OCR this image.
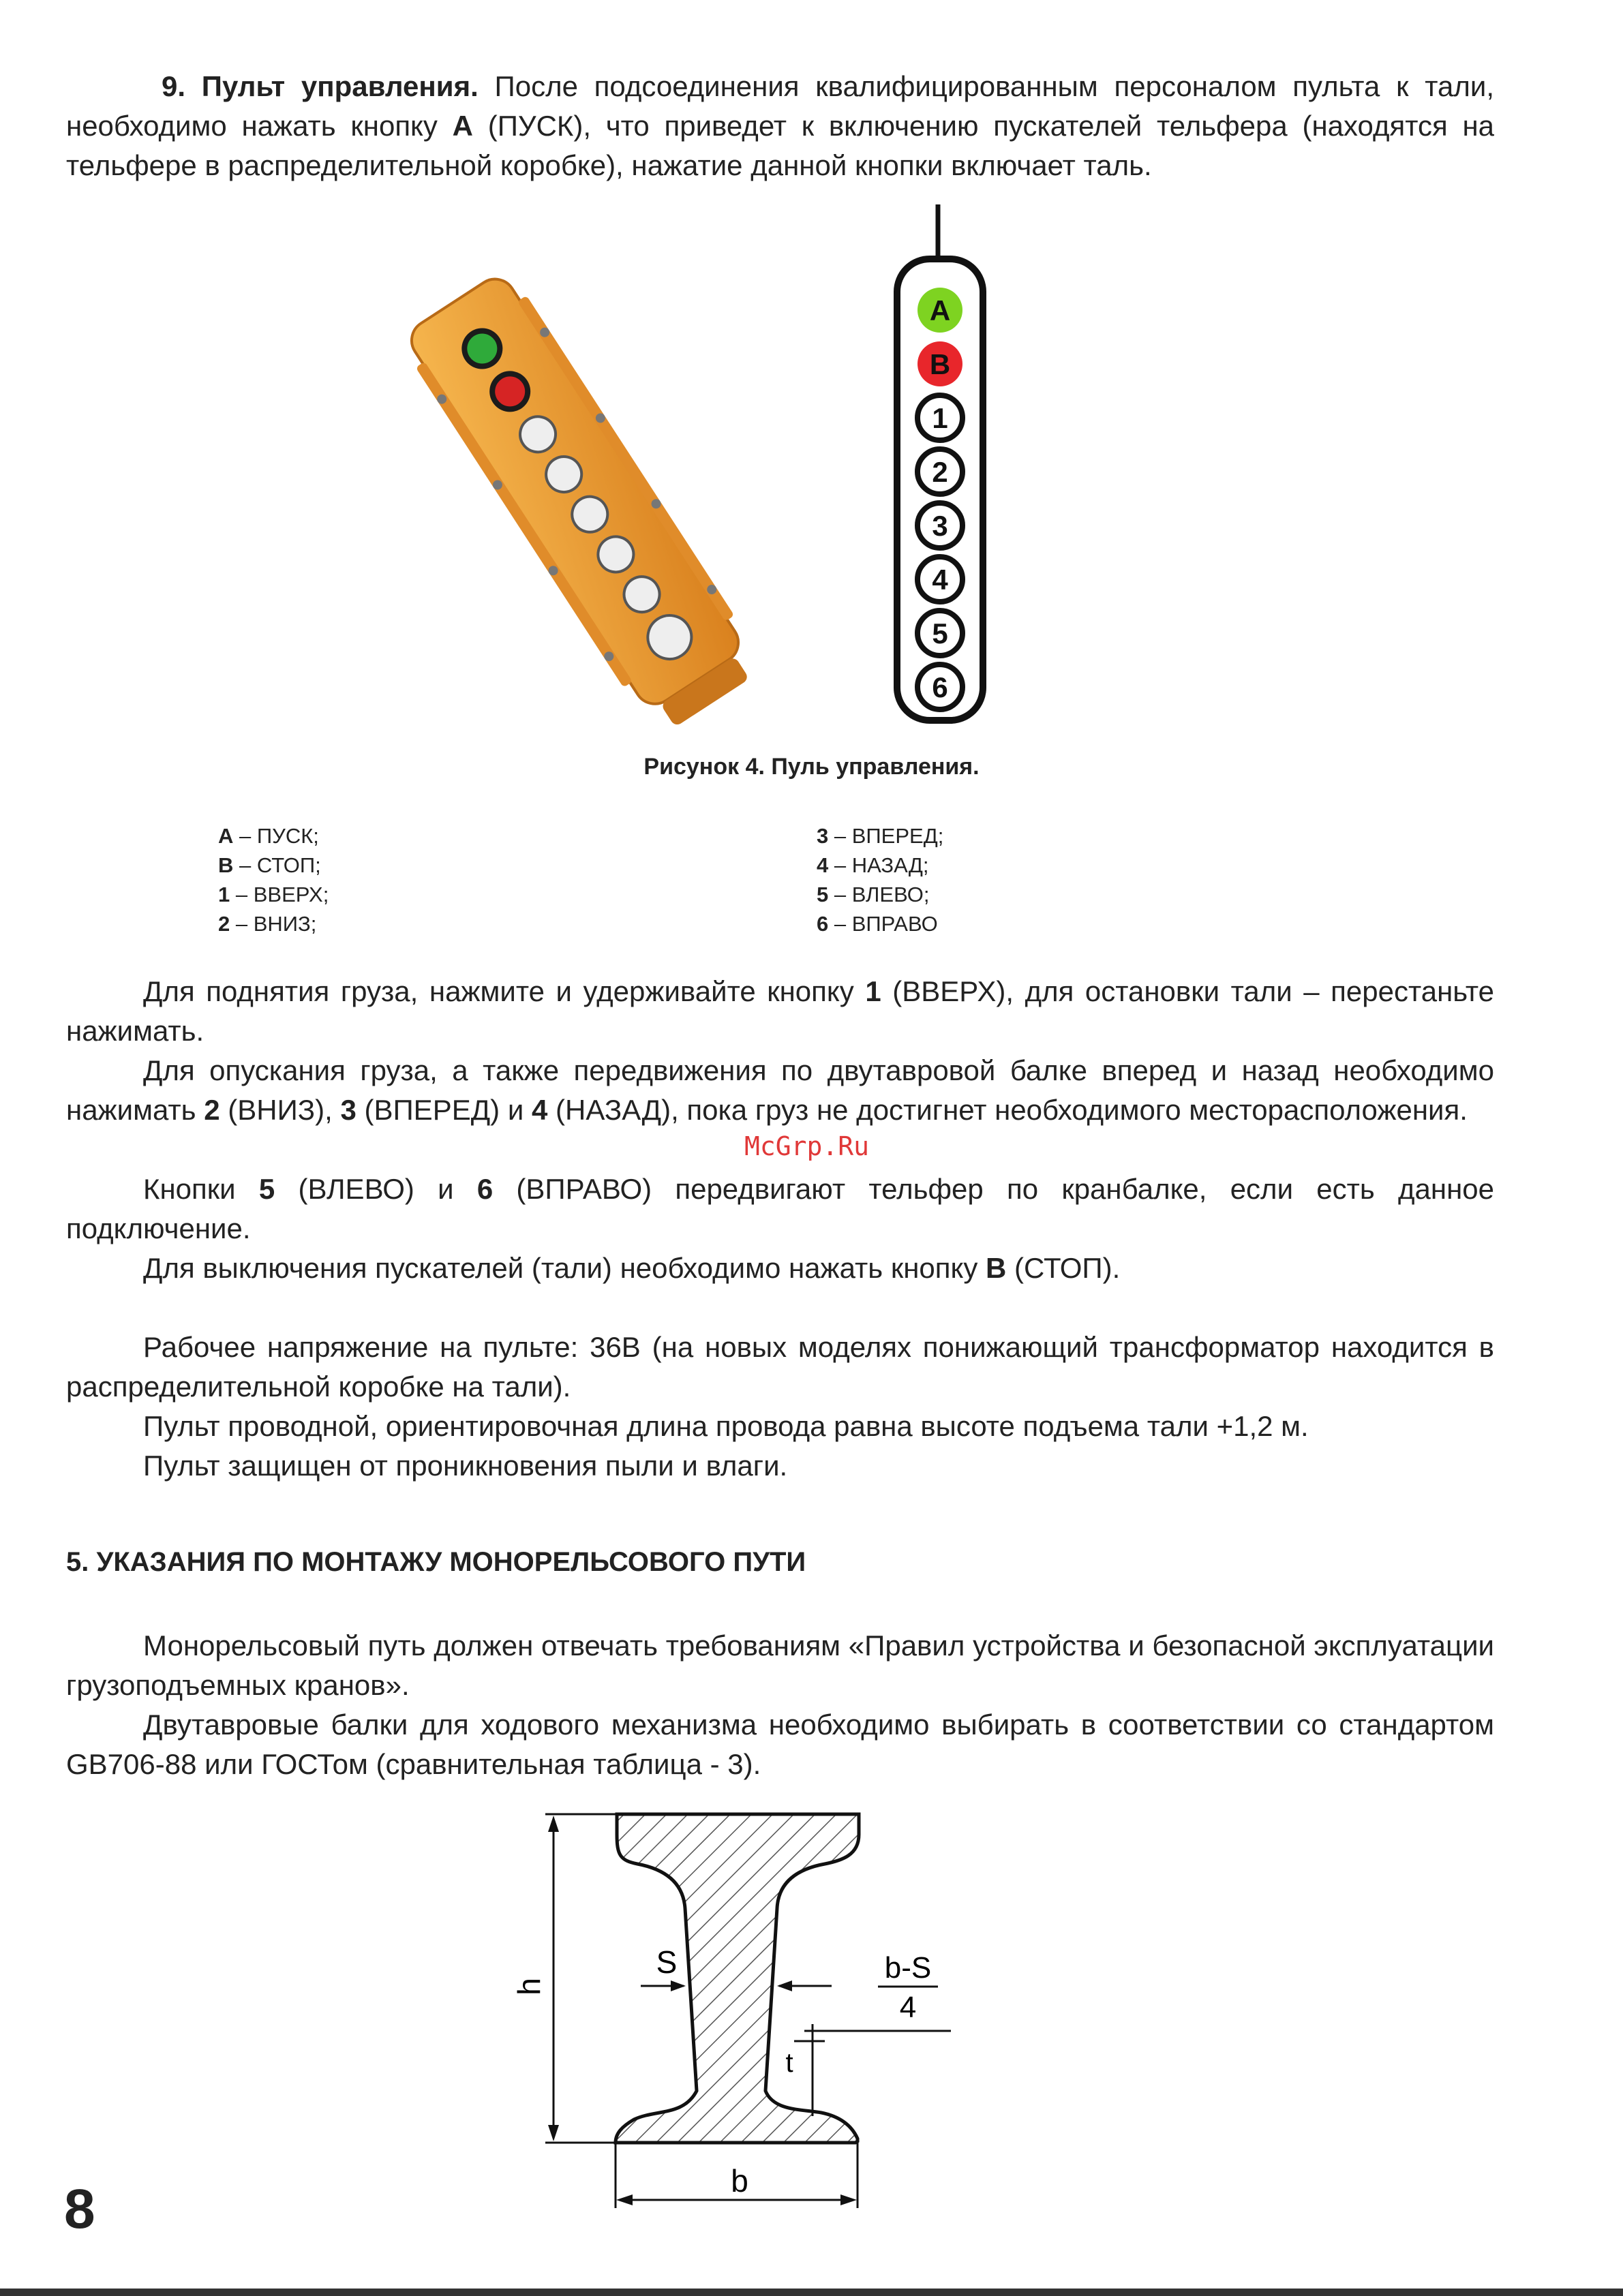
9. Пульт управления. После подсоединения квалифицированным персоналом пульта к тали, необходимо нажать кнопку А (ПУСК), что приведет к включению пускателей тельфера (находятся на тельфере в распределительной коробке), нажатие данной кнопки включает таль.

A
B
1
2
3
4
5
6
Рисунок 4. Пуль управления.
А – ПУСК;
В – СТОП;
1 – ВВЕРХ;
2 – ВНИЗ;
3 – ВПЕРЕД;
4 – НАЗАД;
5 – ВЛЕВО;
6 – ВПРАВО

Для поднятия груза, нажмите и удерживайте кнопку 1 (ВВЕРХ), для остановки тали – перестаньте нажимать.

Для опускания груза, а также передвижения по двутавровой балке вперед и назад необходимо нажимать 2 (ВНИЗ), 3 (ВПЕРЕД) и 4 (НАЗАД), пока груз не достигнет необходимого месторасположения.

Кнопки 5 (ВЛЕВО) и 6 (ВПРАВО) передвигают тельфер по кранбалке, если есть данное подключение.

Для выключения пускателей (тали) необходимо нажать кнопку В (СТОП).

McGrp.Ru

Рабочее напряжение на пульте: 36В (на новых моделях понижающий трансформатор находится в распределительной коробке на тали).

Пульт проводной, ориентировочная длина провода равна высоте подъема тали +1,2 м.

Пульт защищен от проникновения пыли и влаги.

5. УКАЗАНИЯ ПО МОНТАЖУ МОНОРЕЛЬСОВОГО ПУТИ

Монорельсовый путь должен отвечать требованиям «Правил устройства и безопасной эксплуатации грузоподъемных кранов».

Двутавровые балки для ходового механизма необходимо выбирать в соответствии со стандартом GB706-88 или ГОСТом (сравнительная таблица - 3).

h
S	b-S
4
t
b
8
